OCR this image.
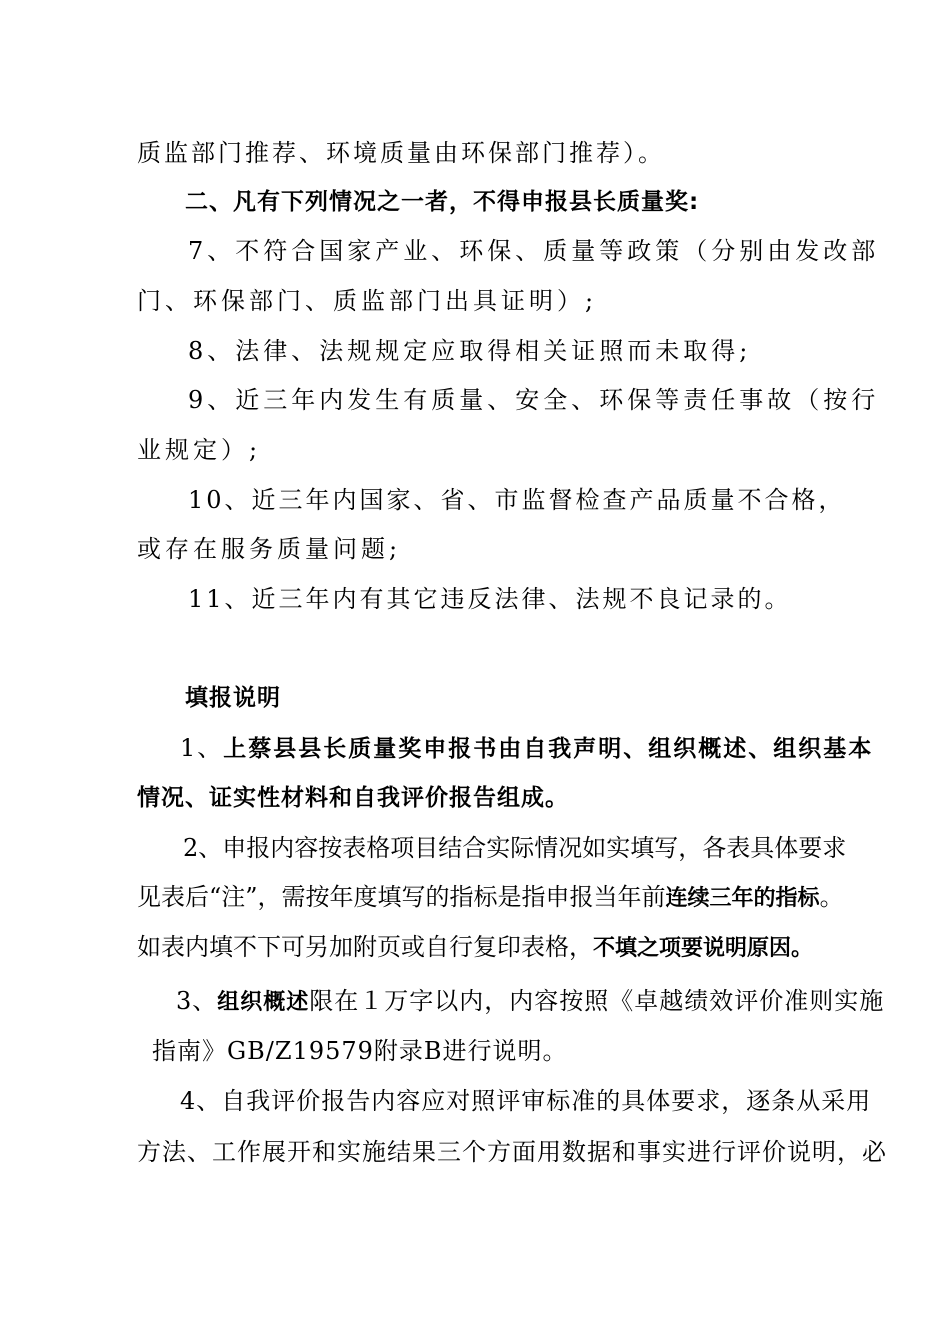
质监部门推荐、环境质量由环保部门推荐）。
二、凡有下列情况之一者，不得申报县长质量奖:
7、不符合国家产业、环保、质量等政策（分别由发改部
门、环保部门、质监部门出具证明）;
8、法律、法规规定应取得相关证照而未取得;
9、近三年内发生有质量、安全、环保等责任事故（按行
业规定）;
10、近三年内国家、省、市监督检查产品质量不合格，
或存在服务质量问题;
11、近三年内有其它违反法律、法规不良记录的。
填报说明
1、上蔡县县长质量奖申报书由自我声明、组织概述、组织基本
情况、证实性材料和自我评价报告组成。
2、申报内容按表格项目结合实际情况如实填写，各表具体要求
见表后“注”，需按年度填写的指标是指申报当年前连续三年的指标。
如表内填不下可另加附页或自行复印表格，不填之项要说明原因。
3、组织概述限在１万字以内，内容按照《卓越绩效评价准则实施
指南》GB/Z19579附录B进行说明。
4、自我评价报告内容应对照评审标准的具体要求，逐条从采用
方法、工作展开和实施结果三个方面用数据和事实进行评价说明，必
